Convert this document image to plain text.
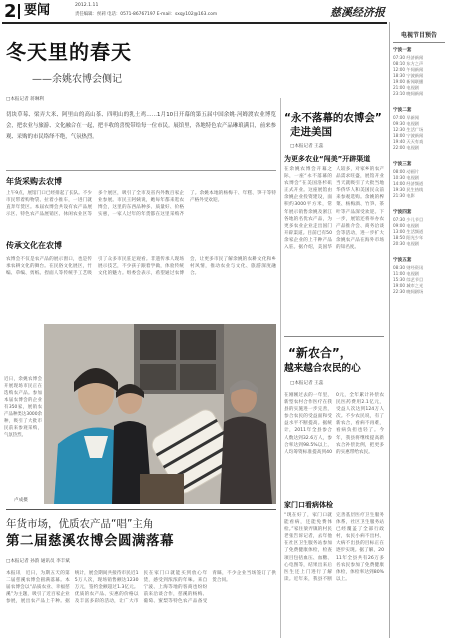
2 要闻	2012.1.11
责任编辑：侯莉 电话：0571-86767197 E-mail：sxqy102@163.com	慈溪经济报
冬天里的春天
——余姚农博会侧记
□本报记者 蒋琳利
切块草莓、梁弄大米、阿里山的高山茶、四明山的乳土鸡……1月10日开幕的第五届中国余姚·河姆渡农业博览会，把农业与旅游、文化融合在一起，把丰收的喜悦带给每一位市民。展馆里，各地特色农产品琳琅满目，前来参观、采购的市民络绎不绝，气氛热烈。
年货采购去农博
上午9点，展馆门口已经排起了长队。不少市民带着购物袋、拉着小推车，一进门就直奔年货区。本届农博会共设有农产品展示区、特色农产品展销区、休闲农业区等多个展区，吸引了全市及省内外数百家企业参展。市民王阿姨说，她每年都来逛农博会，这里的东西品种多、质量好、价格实惠，一家人过年的年货都在这里采购齐了。余姚本地的杨梅干、年糕、笋干等特产格外受欢迎。
传承文化在农博
农博会不仅是农产品的展示窗口，也是传承农耕文化的舞台。在民俗文化展区，竹编、草编、剪纸、捏面人等传统手工艺吸引了众多市民驻足观看。非遗传承人现场展示技艺，不少孩子跟着学做，体验传统文化的魅力。组委会表示，希望通过农博会，让更多市民了解余姚的农耕文化和乡村风情，推动农业与文化、旅游深度融合。
近日，余姚农博会开展现场市民正在选购农产品。参加本届农博会的企业有350家，展销农产品种类达3000余种，吸引了大批市民前来参观采购，气氛热烈。
卢成摄
年货市场，优质农产品“唱”主角
第二届慈溪农博会圆满落幕
□本报记者 孙韵 通讯员 李丰斌
本报讯　近日，为期五天的第二届慈溪农博会圆满落幕。本届农博会以“品质农业、幸福慈溪”为主题，吸引了近百家企业参展，展出农产品上千种。据统计，展会期间共接待市民近15万人次，现场销售额达1230万元，签约金额超过1.3亿元。优质的农产品、实惠的价格以及丰富多彩的活动，让广大市民在家门口就能买到放心年货，感受到浓浓的年味。来自宁波、上海等地的客商也纷纷前来洽谈合作，慈溪的杨梅、葡萄、蜜梨等特色农产品备受青睐，不少企业当场签订了供货合同。
“永不落幕的农博会”
走进美国
□本报记者 王蕊
为更多农业“闯美”开辟渠道
在余姚农博会开幕之际，一座“永不落幕的农博会”在美国洛杉矶正式开业。这座展馆由余姚企业投资建设，面积约3000平方米，常年展示销售余姚及浙江各地的名优农产品，为更多农业企业走出国门开辟渠道。目前已有50余家企业的上千种产品入驻。据介绍，美国华人较多，对家乡的农产品需求旺盛，展馆开业当天就吸引了大批当地华侨华人和美国民众前来参观选购。余姚的榨菜、杨梅酒、竹笋、茶叶等产品深受欢迎。下一步，展馆还将举办农产品推介会、商务洽谈会等活动，进一步扩大余姚农产品在海外市场的知名度。
“新农合”，
越来越合农民的心
□本报记者 王蕊
在刚刚过去的一年里，新型农村合作医疗在我县的实施进一步完善，参合农民的受益面和受益水平不断提高。据统计，2011年全县参合人数达到32.6万人，参合率达到98.5%以上，人均筹资标准提高到400元，全年累计补偿农民医药费用2.1亿元，受益人次达到124万人次。不少农民说，有了新农合，看病不再难，看病负担也轻了。今年，我县将继续提高新农合补偿比例，把更多的实惠带给农民。
家门口看病体检
“现在好了，家门口就能看病，还能免费体检。”家住梁弄镇的村民老张告诉记者，去年他在社区卫生服务站参加了免费健康体检，检查项目包括血压、血糖、心电图等，结果出来后医生还上门进行了解读。近年来，我县不断完善基层医疗卫生服务体系，社区卫生服务站已经覆盖了全部行政村，农民小病不出村、大病不出县的目标正在逐步实现。据了解，2011年全县共有26万多名农民参加了免费健康体检，体检率达到80%以上。
电视节目预告
宁波一套
07:30 经济新闻
08:10 东方之声
12:00 午间新闻
18:30 宁波新闻
19:00 新闻联播
21:00 电视剧
23:10 晚间新闻
宁波二套
07:00 早新闻
09:30 电视剧
12:30 生活广场
18:00 宁波新闻
19:40 天天有戏
22:00 电视剧
宁波三套
08:00 动画片
10:30 电视剧
14:00 经济频道
19:30 民生热线
21:30 电影
宁波四套
07:30 少儿节目
09:00 电视剧
13:00 生活频道
18:50 阳光少年
20:30 电视剧
宁波五套
08:30 财经资讯
11:00 电视剧
15:30 综艺节目
19:00 城市之光
22:30 晚间剧场
